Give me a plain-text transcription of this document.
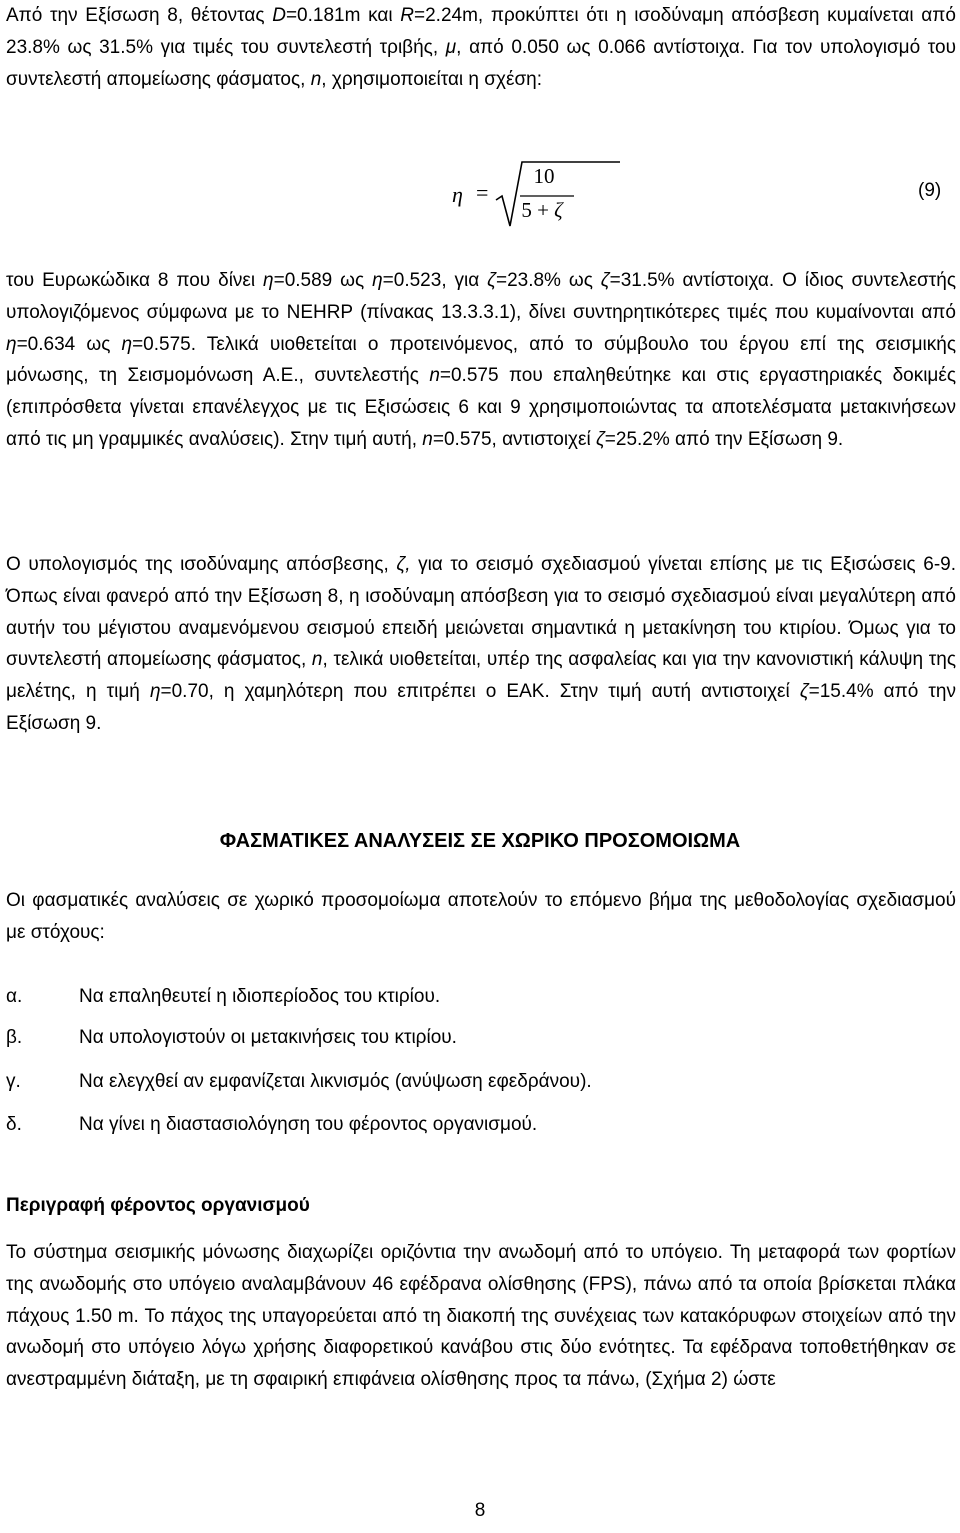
Από την Εξίσωση 8, θέτοντας D=0.181m και R=2.24m, προκύπτει ότι η ισοδύναμη απόσβεση κυμαίνεται από 23.8% ως 31.5% για τιμές του συντελεστή τριβής, μ, από 0.050 ως 0.066 αντίστοιχα. Για τον υπολογισμό του συντελεστή απομείωσης φάσματος, n, χρησιμοποιείται η σχέση:

η =
10
5 + ζ
(9)

του Ευρωκώδικα 8 που δίνει η=0.589 ως η=0.523, για ζ=23.8% ως ζ=31.5% αντίστοιχα. Ο ίδιος συντελεστής υπολογιζόμενος σύμφωνα με το NEHRP (πίνακας 13.3.3.1), δίνει συντηρητικότερες τιμές που κυμαίνονται από η=0.634 ως η=0.575. Τελικά υιοθετείται ο προτεινόμενος, από το σύμβουλο του έργου επί της σεισμικής μόνωσης, τη Σεισμομόνωση Α.Ε., συντελεστής n=0.575 που επαληθεύτηκε και στις εργαστηριακές δοκιμές (επιπρόσθετα γίνεται επανέλεγχος με τις Εξισώσεις 6 και 9 χρησιμοποιώντας τα αποτελέσματα μετακινήσεων από τις μη γραμμικές αναλύσεις). Στην τιμή αυτή, n=0.575, αντιστοιχεί ζ=25.2% από την Εξίσωση 9.

Ο υπολογισμός της ισοδύναμης απόσβεσης, ζ, για το σεισμό σχεδιασμού γίνεται επίσης με τις Εξισώσεις 6-9. Όπως είναι φανερό από την Εξίσωση 8, η ισοδύναμη απόσβεση για το σεισμό σχεδιασμού είναι μεγαλύτερη από αυτήν του μέγιστου αναμενόμενου σεισμού επειδή μειώνεται σημαντικά η μετακίνηση του κτιρίου. Όμως για το συντελεστή απομείωσης φάσματος, n, τελικά υιοθετείται, υπέρ της ασφαλείας και για την κανονιστική κάλυψη της μελέτης, η τιμή η=0.70, η χαμηλότερη που επιτρέπει ο ΕΑΚ. Στην τιμή αυτή αντιστοιχεί ζ=15.4% από την Εξίσωση 9.

ΦΑΣΜΑΤΙΚΕΣ ΑΝΑΛΥΣΕΙΣ ΣΕ ΧΩΡΙΚΟ ΠΡΟΣΟΜΟΙΩΜΑ

Οι φασματικές αναλύσεις σε χωρικό προσομοίωμα αποτελούν το επόμενο βήμα της μεθοδολογίας σχεδιασμού με στόχους:

α.	Να επαληθευτεί η ιδιοπερίοδος του κτιρίου.
β.	Να υπολογιστούν οι μετακινήσεις του κτιρίου.
γ.	Να ελεγχθεί αν εμφανίζεται λικνισμός (ανύψωση εφεδράνου).
δ.	Να γίνει η διαστασιολόγηση του φέροντος οργανισμού.
Περιγραφή φέροντος οργανισμού

Το σύστημα σεισμικής μόνωσης διαχωρίζει οριζόντια την ανωδομή από το υπόγειο. Τη μεταφορά των φορτίων της ανωδομής στο υπόγειο αναλαμβάνουν 46 εφέδρανα ολίσθησης (FPS), πάνω από τα οποία βρίσκεται πλάκα πάχους 1.50 m. Το πάχος της υπαγορεύεται από τη διακοπή της συνέχειας των κατακόρυφων στοιχείων από την ανωδομή στο υπόγειο λόγω χρήσης διαφορετικού κανάβου στις δύο ενότητες. Τα εφέδρανα τοποθετήθηκαν σε ανεστραμμένη διάταξη, με τη σφαιρική επιφάνεια ολίσθησης προς τα πάνω, (Σχήμα 2) ώστε

8
